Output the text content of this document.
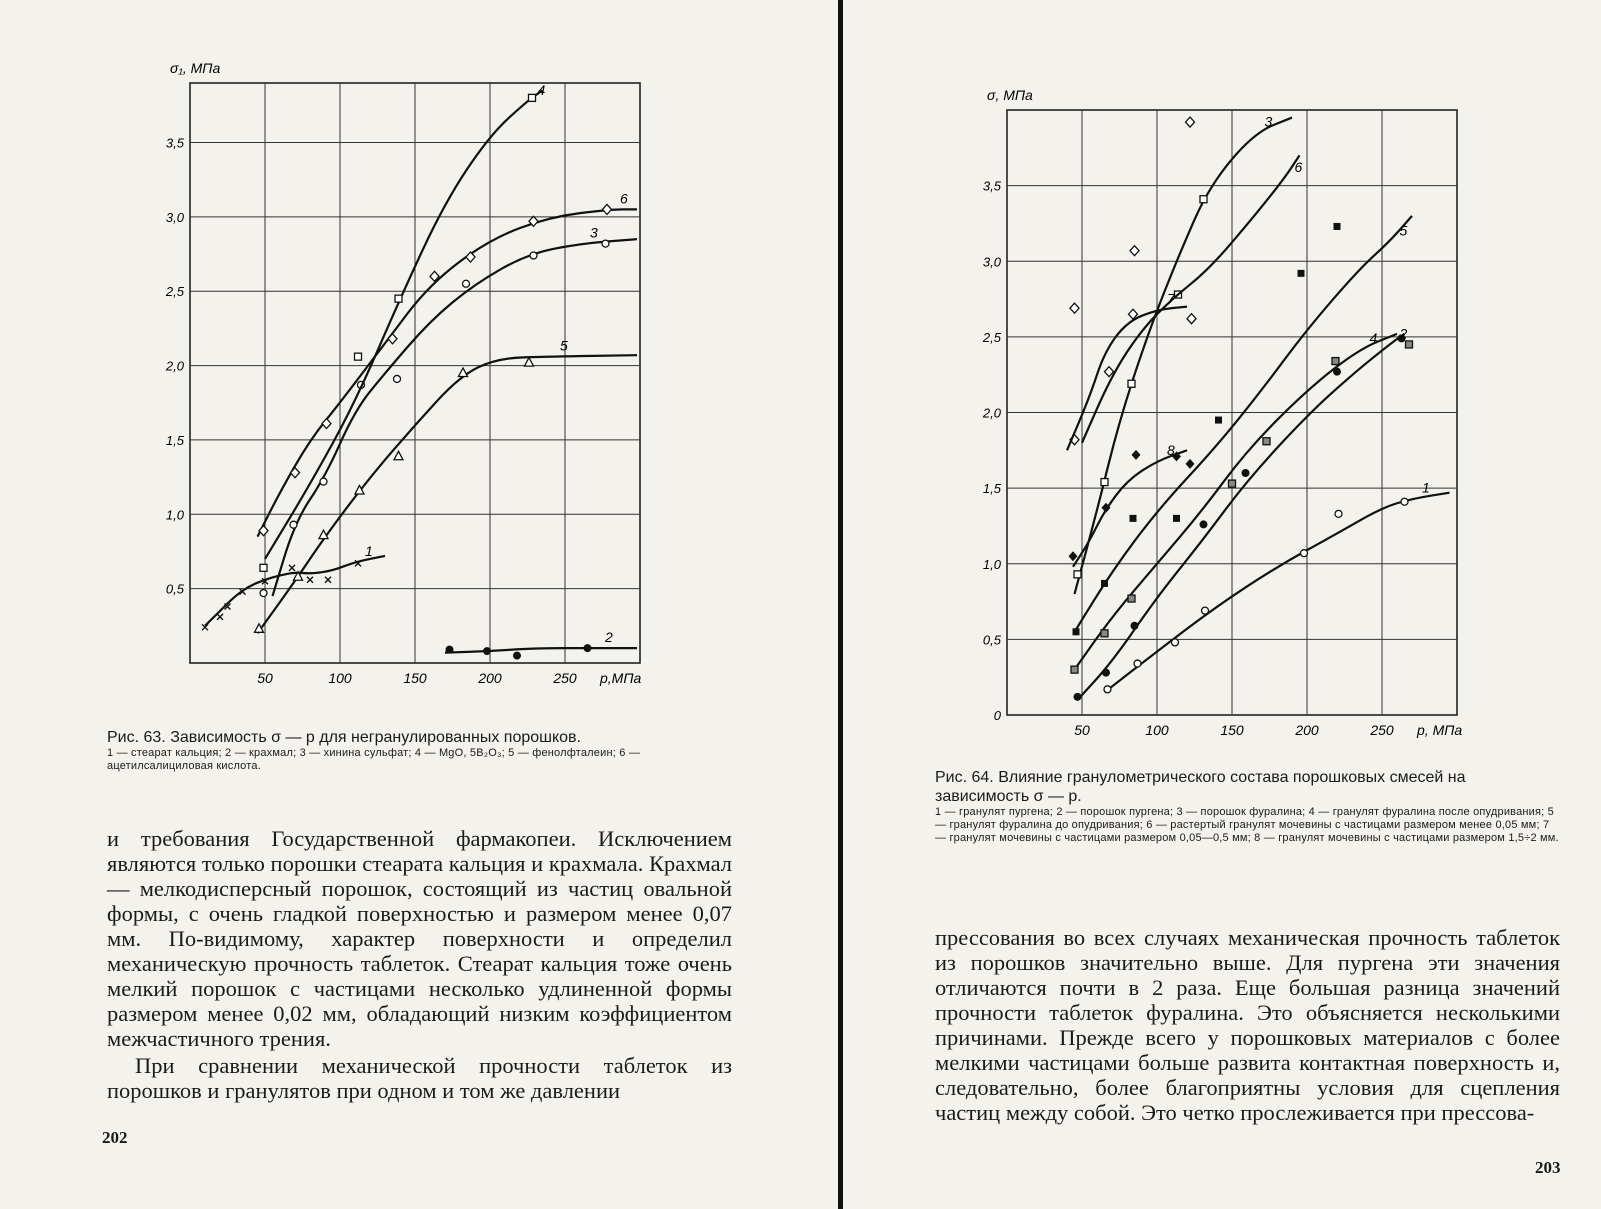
50	100	150	200	250
0,5
1,0
1,5
2,0
2,5
3,0
3,5
σ₁, МПа
p,МПа
1
2
3
4
5
6
Рис. 63. Зависимость σ — p для негранулированных порошков.
1 — стеарат кальция; 2 — крахмал; 3 — хинина сульфат; 4 — MgO, 5B₂O₃; 5 — фенолфталеин; 6 — ацетилсалициловая кислота.

и требования Государственной фармакопеи. Исключением являются только порошки стеарата кальция и крахмала. Крахмал — мелкодисперсный порошок, состоящий из частиц овальной формы, с очень гладкой поверхностью и размером менее 0,07 мм. По-видимому, характер поверхности и определил механическую прочность таблеток. Стеарат кальция тоже очень мелкий порошок с частицами несколько удлиненной формы размером менее 0,02 мм, обладающий низким коэффициентом межчастичного трения.

При сравнении механической прочности таблеток из порошков и гранулятов при одном и том же давлении

202
50	100	150	200	250
0
0,5
1,0
1,5
2,0
2,5
3,0
3,5
σ, МПа
p, МПа
1
2
3
4
5
6
7
8
Рис. 64. Влияние гранулометрического состава порошковых смесей на зависимость σ — p.
1 — гранулят пургена; 2 — порошок пургена; 3 — порошок фуралина; 4 — гранулят фуралина после опудривания; 5 — гранулят фуралина до опудривания; 6 — растертый гранулят мочевины с частицами размером менее 0,05 мм; 7 — гранулят мочевины с частицами размером 0,05—0,5 мм; 8 — гранулят мочевины с частицами размером 1,5÷2 мм.

прессования во всех случаях механическая прочность таблеток из порошков значительно выше. Для пургена эти значения отличаются почти в 2 раза. Еще большая разница значений прочности таблеток фуралина. Это объясняется несколькими причинами. Прежде всего у порошковых материалов с более мелкими частицами больше развита контактная поверхность и, следовательно, более благоприятны условия для сцепления частиц между собой. Это четко прослеживается при прессова-

203
